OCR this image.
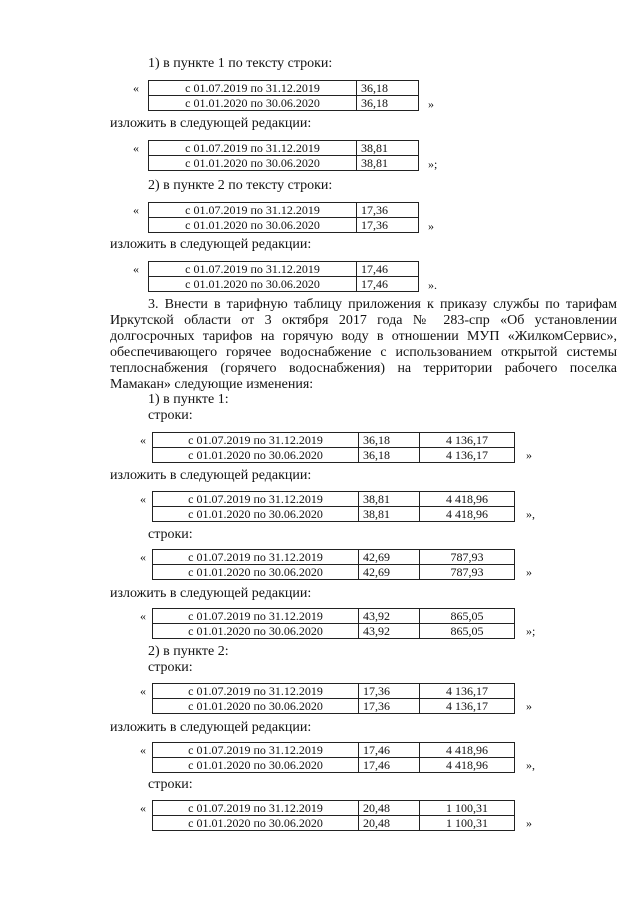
1) в пункте 1 по тексту строки:
«	с 01.07.2019 по 31.12.2019	36,18
с 01.01.2020 по 30.06.2020	36,18	»
изложить в следующей редакции:
«	с 01.07.2019 по 31.12.2019	38,81
с 01.01.2020 по 30.06.2020	38,81	»;
2) в пункте 2 по тексту строки:
«	с 01.07.2019 по 31.12.2019	17,36
с 01.01.2020 по 30.06.2020	17,36	»
изложить в следующей редакции:
«	с 01.07.2019 по 31.12.2019	17,46
с 01.01.2020 по 30.06.2020	17,46	».
3. Внести в тарифную таблицу приложения к приказу службы по тарифам
Иркутской области от 3 октября 2017 года № 283-спр «Об установлении
долгосрочных тарифов на горячую воду в отношении МУП «ЖилкомСервис»,
обеспечивающего горячее водоснабжение с использованием открытой системы
теплоснабжения (горячего водоснабжения) на территории рабочего поселка
Мамакан» следующие изменения:
1) в пункте 1:
строки:
«	с 01.07.2019 по 31.12.2019	36,18	4 136,17
с 01.01.2020 по 30.06.2020	36,18	4 136,17	»
изложить в следующей редакции:
«	с 01.07.2019 по 31.12.2019	38,81	4 418,96
с 01.01.2020 по 30.06.2020	38,81	4 418,96	»,
строки:
«	с 01.07.2019 по 31.12.2019	42,69	787,93
с 01.01.2020 по 30.06.2020	42,69	787,93	»
изложить в следующей редакции:
«	с 01.07.2019 по 31.12.2019	43,92	865,05
с 01.01.2020 по 30.06.2020	43,92	865,05	»;
2) в пункте 2:
строки:
«	с 01.07.2019 по 31.12.2019	17,36	4 136,17
с 01.01.2020 по 30.06.2020	17,36	4 136,17	»
изложить в следующей редакции:
«	с 01.07.2019 по 31.12.2019	17,46	4 418,96
с 01.01.2020 по 30.06.2020	17,46	4 418,96	»,
строки:
«	с 01.07.2019 по 31.12.2019	20,48	1 100,31
с 01.01.2020 по 30.06.2020	20,48	1 100,31	»
